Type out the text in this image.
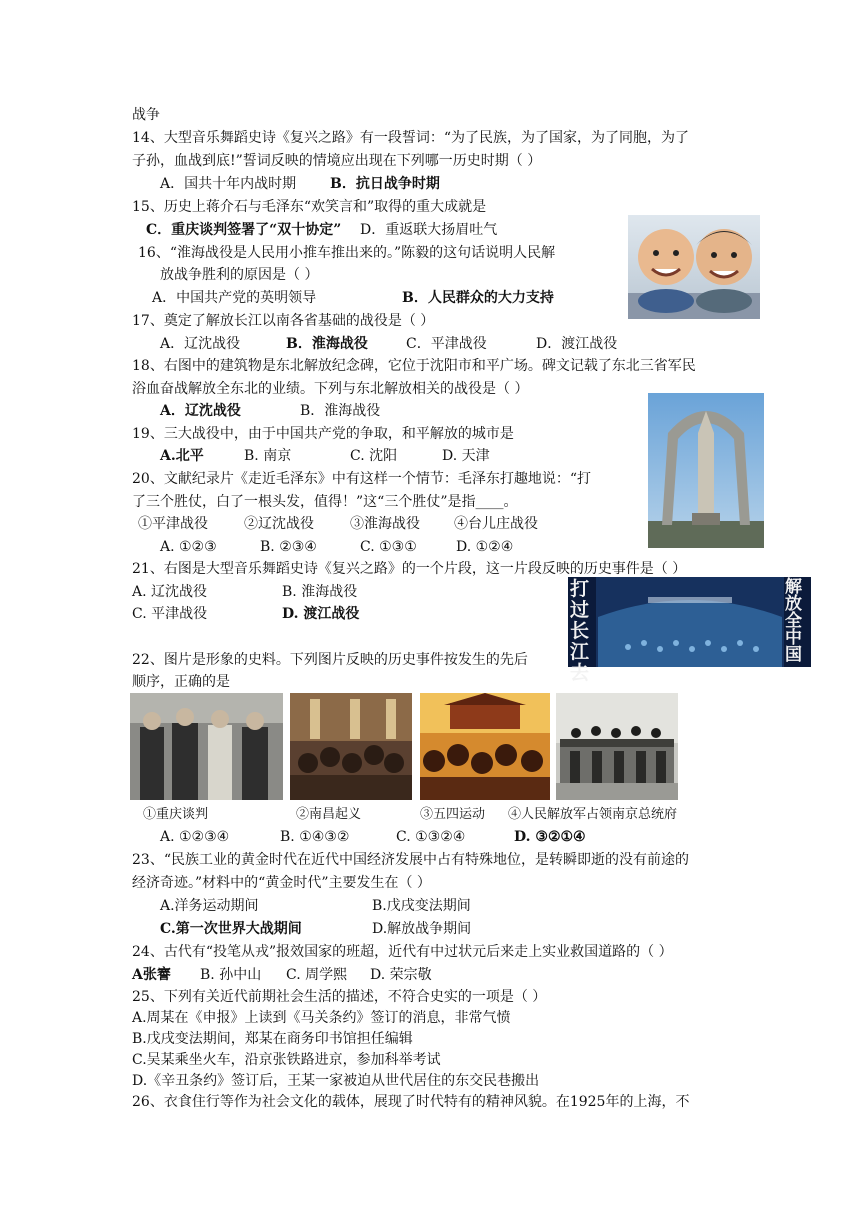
战争
14、大型音乐舞蹈史诗《复兴之路》有一段誓词：“为了民族，为了国家，为了同胞，为了
子孙，血战到底!”誓词反映的情境应出现在下列哪一历史时期（ ）
A．国共十年内战时期 B．抗日战争时期
15、历史上蒋介石与毛泽东“欢笑言和”取得的重大成就是
C．重庆谈判签署了“双十协定” D．重返联大扬眉吐气
16、“淮海战役是人民用小推车推出来的。”陈毅的这句话说明人民解
放战争胜利的原因是（ ）
A．中国共产党的英明领导	B．人民群众的大力支持
17、奠定了解放长江以南各省基础的战役是（ ）
A．辽沈战役	B．淮海战役	C．平津战役	D．渡江战役
18、右图中的建筑物是东北解放纪念碑，它位于沈阳市和平广场。碑文记载了东北三省军民
浴血奋战解放全东北的业绩。下列与东北解放相关的战役是（ ）
A．辽沈战役	B．淮海战役
19、三大战役中，由于中国共产党的争取，和平解放的城市是
A.北平	B. 南京	C. 沈阳	D. 天津
20、文献纪录片《走近毛泽东》中有这样一个情节：毛泽东打趣地说：“打
了三个胜仗，白了一根头发，值得！”这“三个胜仗”是指____。
①平津战役	②辽沈战役	③淮海战役 ④台儿庄战役
A. ①②③	B. ②③④	C. ①③①	D. ①②④
21、右图是大型音乐舞蹈史诗《复兴之路》的一个片段，这一片段反映的历史事件是（ ）
A. 辽沈战役	B. 淮海战役
C. 平津战役	D. 渡江战役
22、图片是形象的史料。下列图片反映的历史事件按发生的先后
顺序，正确的是
①重庆谈判	②南昌起义	③五四运动 ④人民解放军占领南京总统府
A. ①②③④	B. ①④③②	C. ①③②④	D. ③②①④
23、“民族工业的黄金时代在近代中国经济发展中占有特殊地位，是转瞬即逝的没有前途的
经济奇迹。”材料中的“黄金时代”主要发生在（ ）
A.洋务运动期间	B.戊戌变法期间
C.第一次世界大战期间	D.解放战争期间
24、古代有“投笔从戎”报效国家的班超，近代有中过状元后来走上实业救国道路的（ ）
A张謇 B. 孙中山 C. 周学熙 D. 荣宗敬
25、下列有关近代前期社会生活的描述，不符合史实的一项是（ ）
A.周某在《申报》上读到《马关条约》签订的消息，非常气愤
B.戊戌变法期间，郑某在商务印书馆担任编辑
C.吴某乘坐火车，沿京张铁路进京，参加科举考试
D.《辛丑条约》签订后，王某一家被迫从世代居住的东交民巷搬出
26、衣食住行等作为社会文化的载体，展现了时代特有的精神风貌。在1925年的上海，不
打过长江去
解放全中国
